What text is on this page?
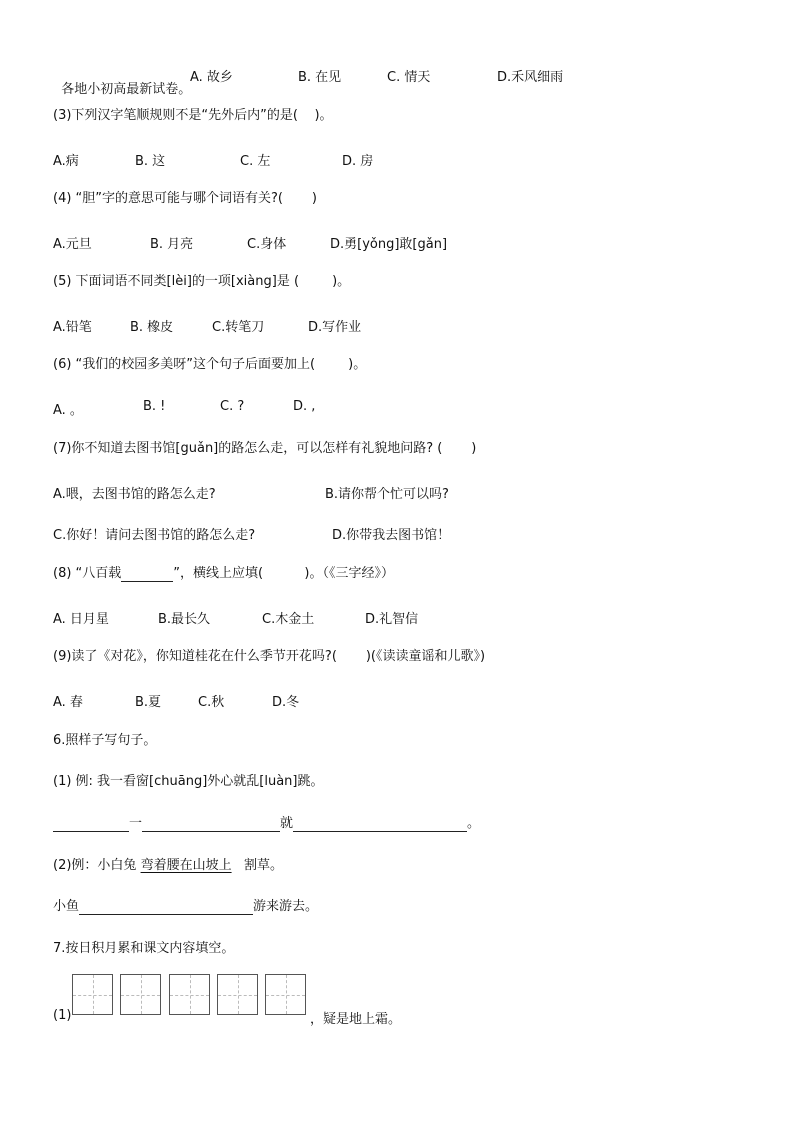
各地小初高最新试卷。

A. 故乡	B. 在见	C. 情天	D.禾风细雨
(3)下列汉字笔顺规则不是“先外后内”的是(    )。
A.病	B. 这	C. 左	D. 房
(4) “胆”字的意思可能与哪个词语有关?(       )
A.元旦	B. 月亮	C.身体	D.勇[yǒng]敢[gǎn]
(5) 下面词语不同类[lèi]的一项[xiàng]是 (        )。
A.铅笔	B. 橡皮	C.转笔刀	D.写作业
(6) “我们的校园多美呀”这个句子后面要加上(        )。
A. 。	B. !	C. ?	D. ,
(7)你不知道去图书馆[guǎn]的路怎么走，可以怎样有礼貌地问路? (       )
A.喂，去图书馆的路怎么走?	B.请你帮个忙可以吗?
C.你好！请问去图书馆的路怎么走?	D.你带我去图书馆！
(8) “八百载	”，横线上应填(          )。（《三字经》）
A. 日月星	B.最长久	C.木金土	D.礼智信
(9)读了《对花》，你知道桂花在什么季节开花吗?(       )(《读读童谣和儿歌》)
A. 春	B.夏	C.秋	D.冬
6.照样子写句子。
(1) 例: 我一看窗[chuāng]外心就乱[luàn]跳。
一	就	。
(2)例：小白兔 弯着腰在山坡上 割草。
小鱼	游来游去。
7.按日积月累和课文内容填空。
(1)	，疑是地上霜。
